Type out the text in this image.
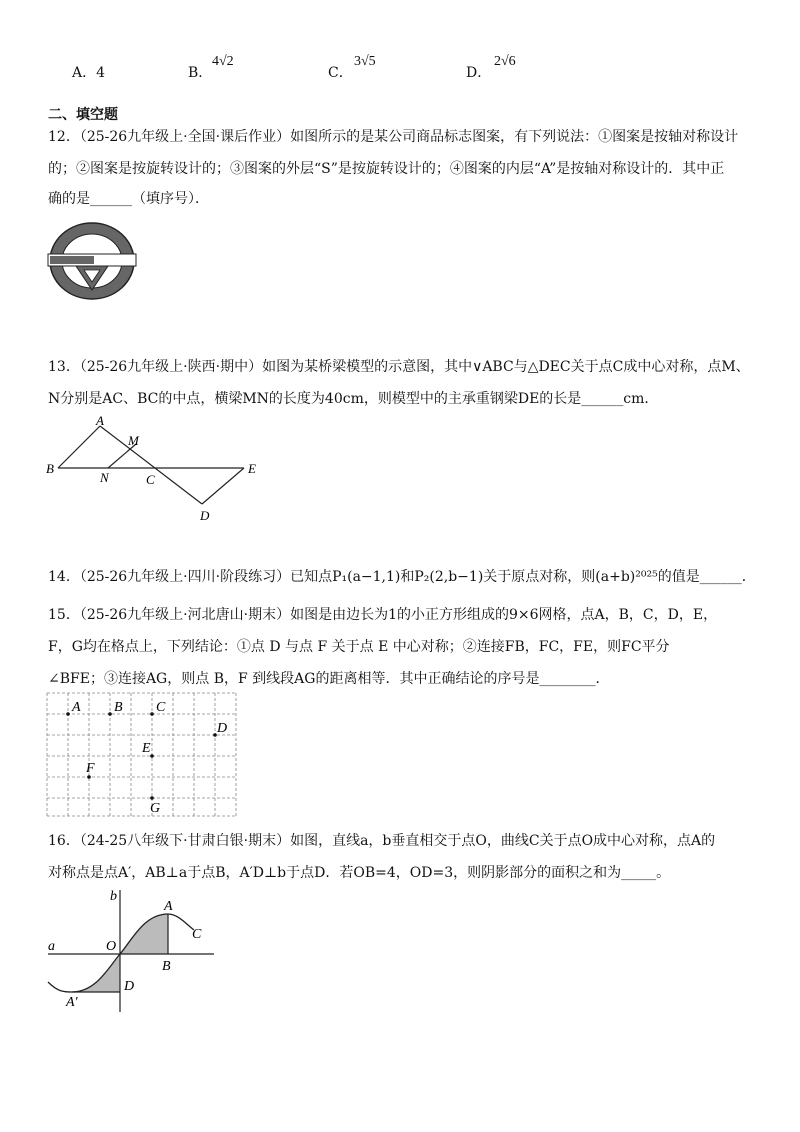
A．4	B．
4√2
C．
3√5
D．
2√6
二、填空题
12．（25-26九年级上·全国·课后作业）如图所示的是某公司商品标志图案，有下列说法：①图案是按轴对称设计
的；②图案是按旋转设计的；③图案的外层“S”是按旋转设计的；④图案的内层“A”是按轴对称设计的．其中正
确的是______（填序号）．
13．（25-26九年级上·陕西·期中）如图为某桥梁模型的示意图，其中∨ABC与△DEC关于点C成中心对称，点M、
N分别是AC、BC的中点，横梁MN的长度为40cm，则模型中的主承重钢梁DE的长是______cm．
A
M
B
N	C
E
D
14．（25-26九年级上·四川·阶段练习）已知点P₁(a−1,1)和P₂(2,b−1)关于原点对称，则(a+b)²⁰²⁵的值是______．
15．（25-26九年级上·河北唐山·期末）如图是由边长为1的小正方形组成的9×6网格，点A，B，C，D，E，
F，G均在格点上，下列结论：①点 D 与点 F 关于点 E 中心对称；②连接FB，FC，FE，则FC平分
∠BFE；③连接AG，则点 B，F 到线段AG的距离相等．其中正确结论的序号是________．
A B C
D
E
F
G
16．（24-25八年级下·甘肃白银·期末）如图，直线a，b垂直相交于点O，曲线C关于点O成中心对称，点A的
对称点是点A′，AB⊥a于点B，A′D⊥b于点D．若OB=4，OD=3，则阴影部分的面积之和为_____。
b
A
C
a	O
B
A′
D
